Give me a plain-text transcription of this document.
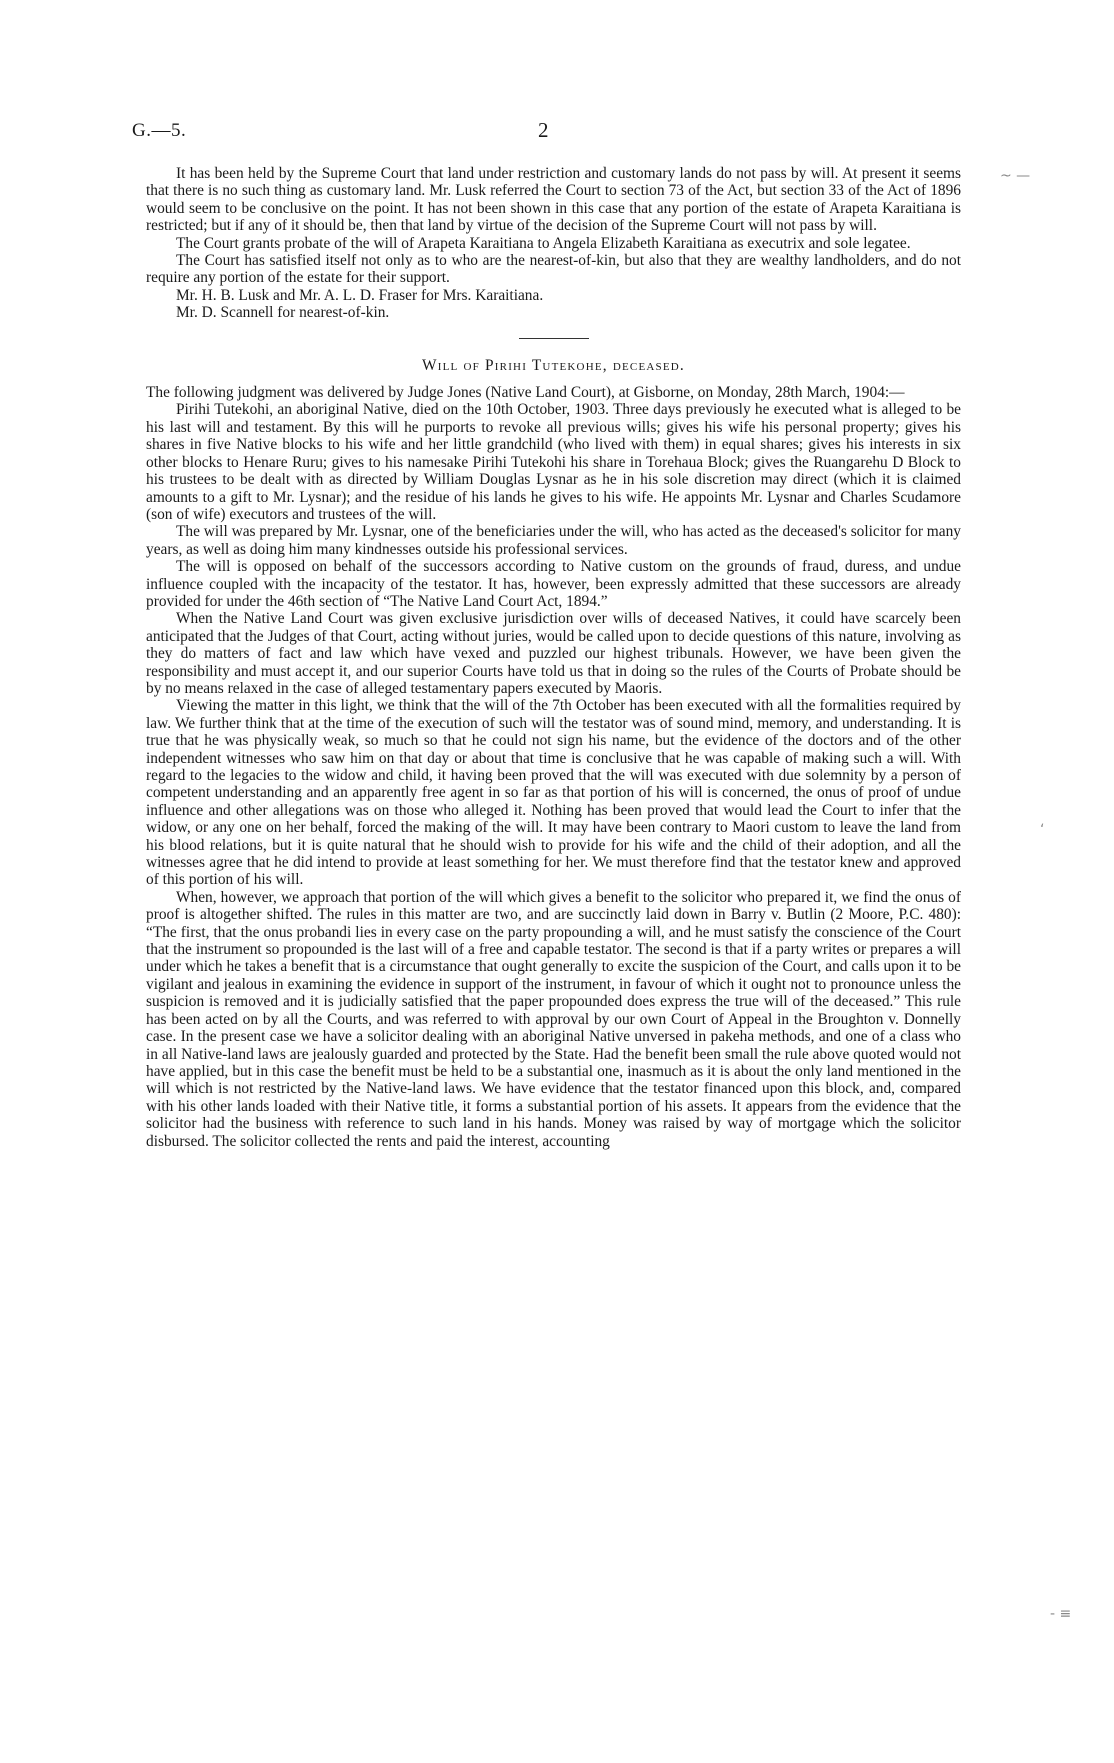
G.—5.	2

It has been held by the Supreme Court that land under restriction and customary lands do not pass by will. At present it seems that there is no such thing as customary land. Mr. Lusk referred the Court to section 73 of the Act, but section 33 of the Act of 1896 would seem to be conclusive on the point. It has not been shown in this case that any portion of the estate of Arapeta Karaitiana is restricted; but if any of it should be, then that land by virtue of the decision of the Supreme Court will not pass by will.

The Court grants probate of the will of Arapeta Karaitiana to Angela Elizabeth Karaitiana as executrix and sole legatee.

The Court has satisfied itself not only as to who are the nearest-of-kin, but also that they are wealthy landholders, and do not require any portion of the estate for their support.

Mr. H. B. Lusk and Mr. A. L. D. Fraser for Mrs. Karaitiana.

Mr. D. Scannell for nearest-of-kin.

Will of Pirihi Tutekohe, deceased.

The following judgment was delivered by Judge Jones (Native Land Court), at Gisborne, on Monday, 28th March, 1904:—

Pirihi Tutekohi, an aboriginal Native, died on the 10th October, 1903. Three days previously he executed what is alleged to be his last will and testament. By this will he purports to revoke all previous wills; gives his wife his personal property; gives his shares in five Native blocks to his wife and her little grandchild (who lived with them) in equal shares; gives his interests in six other blocks to Henare Ruru; gives to his namesake Pirihi Tutekohi his share in Torehaua Block; gives the Ruangarehu D Block to his trustees to be dealt with as directed by William Douglas Lysnar as he in his sole discretion may direct (which it is claimed amounts to a gift to Mr. Lysnar); and the residue of his lands he gives to his wife. He appoints Mr. Lysnar and Charles Scudamore (son of wife) executors and trustees of the will.

The will was prepared by Mr. Lysnar, one of the beneficiaries under the will, who has acted as the deceased's solicitor for many years, as well as doing him many kindnesses outside his professional services.

The will is opposed on behalf of the successors according to Native custom on the grounds of fraud, duress, and undue influence coupled with the incapacity of the testator. It has, however, been expressly admitted that these successors are already provided for under the 46th section of “The Native Land Court Act, 1894.”

When the Native Land Court was given exclusive jurisdiction over wills of deceased Natives, it could have scarcely been anticipated that the Judges of that Court, acting without juries, would be called upon to decide questions of this nature, involving as they do matters of fact and law which have vexed and puzzled our highest tribunals. However, we have been given the responsibility and must accept it, and our superior Courts have told us that in doing so the rules of the Courts of Probate should be by no means relaxed in the case of alleged testamentary papers executed by Maoris.

Viewing the matter in this light, we think that the will of the 7th October has been executed with all the formalities required by law. We further think that at the time of the execution of such will the testator was of sound mind, memory, and understanding. It is true that he was physically weak, so much so that he could not sign his name, but the evidence of the doctors and of the other independent witnesses who saw him on that day or about that time is conclusive that he was capable of making such a will. With regard to the legacies to the widow and child, it having been proved that the will was executed with due solemnity by a person of competent understanding and an apparently free agent in so far as that portion of his will is concerned, the onus of proof of undue influence and other allegations was on those who alleged it. Nothing has been proved that would lead the Court to infer that the widow, or any one on her behalf, forced the making of the will. It may have been contrary to Maori custom to leave the land from his blood relations, but it is quite natural that he should wish to provide for his wife and the child of their adoption, and all the witnesses agree that he did intend to provide at least something for her. We must therefore find that the testator knew and approved of this portion of his will.

When, however, we approach that portion of the will which gives a benefit to the solicitor who prepared it, we find the onus of proof is altogether shifted. The rules in this matter are two, and are succinctly laid down in Barry v. Butlin (2 Moore, P.C. 480): “The first, that the onus probandi lies in every case on the party propounding a will, and he must satisfy the conscience of the Court that the instrument so propounded is the last will of a free and capable testator. The second is that if a party writes or prepares a will under which he takes a benefit that is a circumstance that ought generally to excite the suspicion of the Court, and calls upon it to be vigilant and jealous in examining the evidence in support of the instrument, in favour of which it ought not to pronounce unless the suspicion is removed and it is judicially satisfied that the paper propounded does express the true will of the deceased.” This rule has been acted on by all the Courts, and was referred to with approval by our own Court of Appeal in the Broughton v. Donnelly case. In the present case we have a solicitor dealing with an aboriginal Native unversed in pakeha methods, and one of a class who in all Native-land laws are jealously guarded and protected by the State. Had the benefit been small the rule above quoted would not have applied, but in this case the benefit must be held to be a substantial one, inasmuch as it is about the only land mentioned in the will which is not restricted by the Native-land laws. We have evidence that the testator financed upon this block, and, compared with his other lands loaded with their Native title, it forms a substantial portion of his assets. It appears from the evidence that the solicitor had the business with reference to such land in his hands. Money was raised by way of mortgage which the solicitor disbursed. The solicitor collected the rents and paid the interest, accounting

~ —
‘
- ≡
